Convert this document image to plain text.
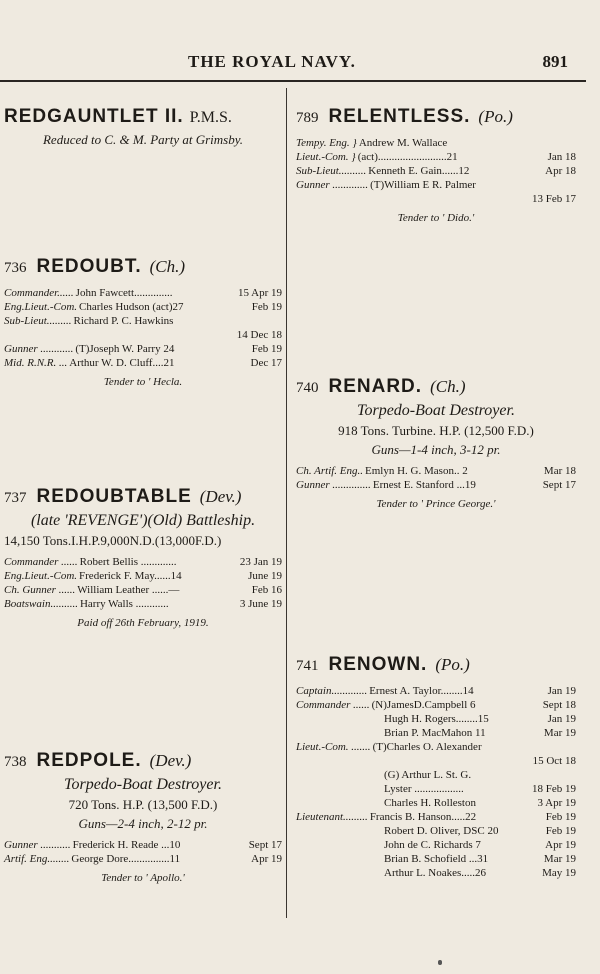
THE ROYAL NAVY.	891
REDGAUNTLET II. P.M.S.
Reduced to C. & M. Party at Grimsby.
736 REDOUBT. (Ch.)
Commander...... John Fawcett..............	15 Apr 19
Eng.Lieut.-Com. Charles Hudson (act)27	Feb 19
Sub-Lieut......... Richard P. C. Hawkins
14 Dec 18
Gunner ............ (T)Joseph W. Parry 24	Feb 19
Mid. R.N.R. ... Arthur W. D. Cluff....21	Dec 17
Tender to ' Hecla.
737 REDOUBTABLE (Dev.)
(late 'REVENGE')(Old) Battleship.
14,150 Tons.I.H.P.9,000N.D.(13,000F.D.)
Commander ...... Robert Bellis .............	23 Jan 19
Eng.Lieut.-Com. Frederick F. May......14	June 19
Ch. Gunner ...... William Leather ......—	Feb 16
Boatswain.......... Harry Walls ............	3 June 19
Paid off 26th February, 1919.
738 REDPOLE. (Dev.)
Torpedo-Boat Destroyer.
720 Tons. H.P. (13,500 F.D.)
Guns—2-4 inch, 2-12 pr.
Gunner ........... Frederick H. Reade ...10	Sept 17
Artif. Eng........ George Dore...............11	Apr 19
Tender to ' Apollo.'
789 RELENTLESS. (Po.)
Tempy. Eng. } Andrew M. Wallace
Lieut.-Com. } (act).........................21	Jan 18
Sub-Lieut.......... Kenneth E. Gain......12	Apr 18
Gunner ............. (T)William E R. Palmer
13 Feb 17
Tender to ' Dido.'
740 RENARD. (Ch.)
Torpedo-Boat Destroyer.
918 Tons. Turbine. H.P. (12,500 F.D.)
Guns—1-4 inch, 3-12 pr.
Ch. Artif. Eng.. Emlyn H. G. Mason.. 2	Mar 18
Gunner .............. Ernest E. Stanford ...19	Sept 17
Tender to ' Prince George.'
741 RENOWN. (Po.)
Captain............. Ernest A. Taylor........14	Jan 19
Commander ...... (N)JamesD.Campbell 6	Sept 18
Hugh H. Rogers........15	Jan 19
Brian P. MacMahon 11	Mar 19
Lieut.-Com. ....... (T)Charles O. Alexander
15 Oct 18
(G) Arthur L. St. G.
Lyster ..................	18 Feb 19
Charles H. Rolleston	3 Apr 19
Lieutenant......... Francis B. Hanson.....22	Feb 19
Robert D. Oliver, DSC 20	Feb 19
John de C. Richards 7	Apr 19
Brian B. Schofield ...31	Mar 19
Arthur L. Noakes.....26	May 19
